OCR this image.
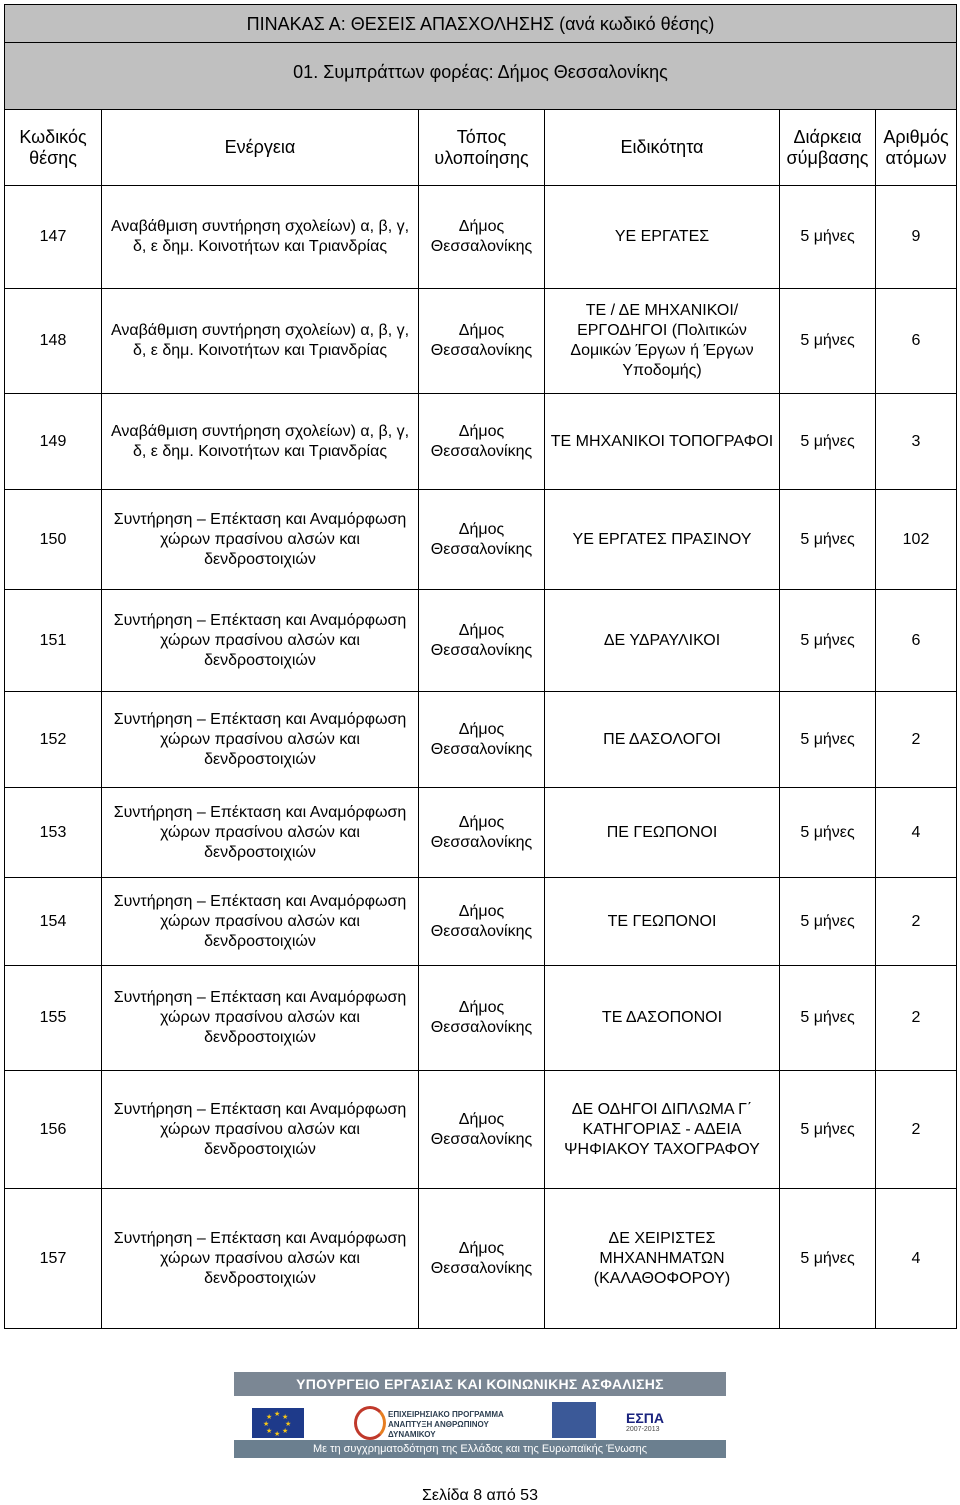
ΠΙΝΑΚΑΣ Α: ΘΕΣΕΙΣ ΑΠΑΣΧΟΛΗΣΗΣ (ανά κωδικό θέσης)					
01. Συμπράττων φορέας: Δήμος Θεσσαλονίκης					
Κωδικός θέσης	Ενέργεια	Τόπος υλοποίησης	Ειδικότητα	Διάρκεια σύμβασης	Αριθμός ατόμων

147	Αναβάθμιση συντήρηση σχολείων) α, β, γ, δ, ε δημ. Κοινοτήτων και Τριανδρίας	Δήμος Θεσσαλονίκης	ΥΕ ΕΡΓΑΤΕΣ	5 μήνες	9

148	Αναβάθμιση συντήρηση σχολείων) α, β, γ, δ, ε δημ. Κοινοτήτων και Τριανδρίας	Δήμος Θεσσαλονίκης	ΤΕ / ΔΕ ΜΗΧΑΝΙΚΟΙ/ΕΡΓΟΔΗΓΟΙ (Πολιτικών Δομικών Έργων ή Έργων Υποδομής)	5 μήνες	6

149	Αναβάθμιση συντήρηση σχολείων) α, β, γ, δ, ε δημ. Κοινοτήτων και Τριανδρίας	Δήμος Θεσσαλονίκης	ΤΕ ΜΗΧΑΝΙΚΟΙ ΤΟΠΟΓΡΑΦΟΙ	5 μήνες	3

150	Συντήρηση – Επέκταση και Αναμόρφωση χώρων πρασίνου αλσών και δενδροστοιχιών	Δήμος Θεσσαλονίκης	ΥΕ ΕΡΓΑΤΕΣ ΠΡΑΣΙΝΟΥ	5 μήνες	102

151	Συντήρηση – Επέκταση και Αναμόρφωση χώρων πρασίνου αλσών και δενδροστοιχιών	Δήμος Θεσσαλονίκης	ΔΕ ΥΔΡΑΥΛΙΚΟΙ	5 μήνες	6

152	Συντήρηση – Επέκταση και Αναμόρφωση χώρων πρασίνου αλσών και δενδροστοιχιών	Δήμος Θεσσαλονίκης	ΠΕ ΔΑΣΟΛΟΓΟΙ	5 μήνες	2

153	Συντήρηση – Επέκταση και Αναμόρφωση χώρων πρασίνου αλσών και δενδροστοιχιών	Δήμος Θεσσαλονίκης	ΠΕ ΓΕΩΠΟΝΟΙ	5 μήνες	4

154	Συντήρηση – Επέκταση και Αναμόρφωση χώρων πρασίνου αλσών και δενδροστοιχιών	Δήμος Θεσσαλονίκης	ΤΕ ΓΕΩΠΟΝΟΙ	5 μήνες	2

155	Συντήρηση – Επέκταση και Αναμόρφωση χώρων πρασίνου αλσών και δενδροστοιχιών	Δήμος Θεσσαλονίκης	ΤΕ ΔΑΣΟΠΟΝΟΙ	5 μήνες	2

156	Συντήρηση – Επέκταση και Αναμόρφωση χώρων πρασίνου αλσών και δενδροστοιχιών	Δήμος Θεσσαλονίκης	ΔΕ ΟΔΗΓΟΙ ΔΙΠΛΩΜΑ Γ΄ ΚΑΤΗΓΟΡΙΑΣ - ΑΔΕΙΑ ΨΗΦΙΑΚΟΥ ΤΑΧΟΓΡΑΦΟΥ	5 μήνες	2

157	Συντήρηση – Επέκταση και Αναμόρφωση χώρων πρασίνου αλσών και δενδροστοιχιών	Δήμος Θεσσαλονίκης	ΔΕ ΧΕΙΡΙΣΤΕΣ ΜΗΧΑΝΗΜΑΤΩΝ (ΚΑΛΑΘΟΦΟΡΟΥ)	5 μήνες	4
ΥΠΟΥΡΓΕΙΟ ΕΡΓΑΣΙΑΣ ΚΑΙ ΚΟΙΝΩΝΙΚΗΣ ΑΣΦΑΛΙΣΗΣ
★ ★
★
★
★
★
★
★	ΕΠΙΧΕΙΡΗΣΙΑΚΟ ΠΡΟΓΡΑΜΜΑ ΑΝΑΠΤΥΞΗ ΑΝΘΡΩΠΙΝΟΥ ΔΥΝΑΜΙΚΟΥ
ΕΣΠΑ
2007-2013
Με τη συγχρηματοδότηση της Ελλάδας και της Ευρωπαϊκής Ένωσης
Σελίδα 8 από 53
